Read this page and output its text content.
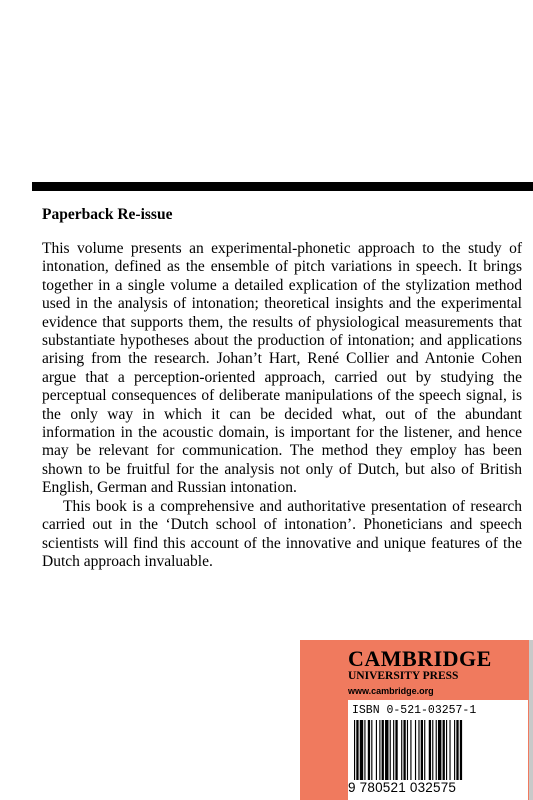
Paperback Re-issue

This volume presents an experimental-phonetic approach to the study of intonation, defined as the ensemble of pitch variations in speech. It brings together in a single volume a detailed explication of the stylization method used in the analysis of intonation; theoretical insights and the experimental evidence that supports them, the results of physiological measurements that substantiate hypotheses about the production of intonation; and applications arising from the research. Johan’t Hart, René Collier and Antonie Cohen argue that a perception-oriented approach, carried out by studying the perceptual consequences of deliberate manipulations of the speech signal, is the only way in which it can be decided what, out of the abundant information in the acoustic domain, is important for the listener, and hence may be relevant for communication. The method they employ has been shown to be fruitful for the analysis not only of Dutch, but also of British English, German and Russian intonation.

This book is a comprehensive and authoritative presentation of research carried out in the ‘Dutch school of intonation’. Phoneticians and speech scientists will find this account of the innovative and unique features of the Dutch approach invaluable.

CAMBRIDGE
UNIVERSITY PRESS
www.cambridge.org
ISBN 0-521-03257-1
9 780521 032575
